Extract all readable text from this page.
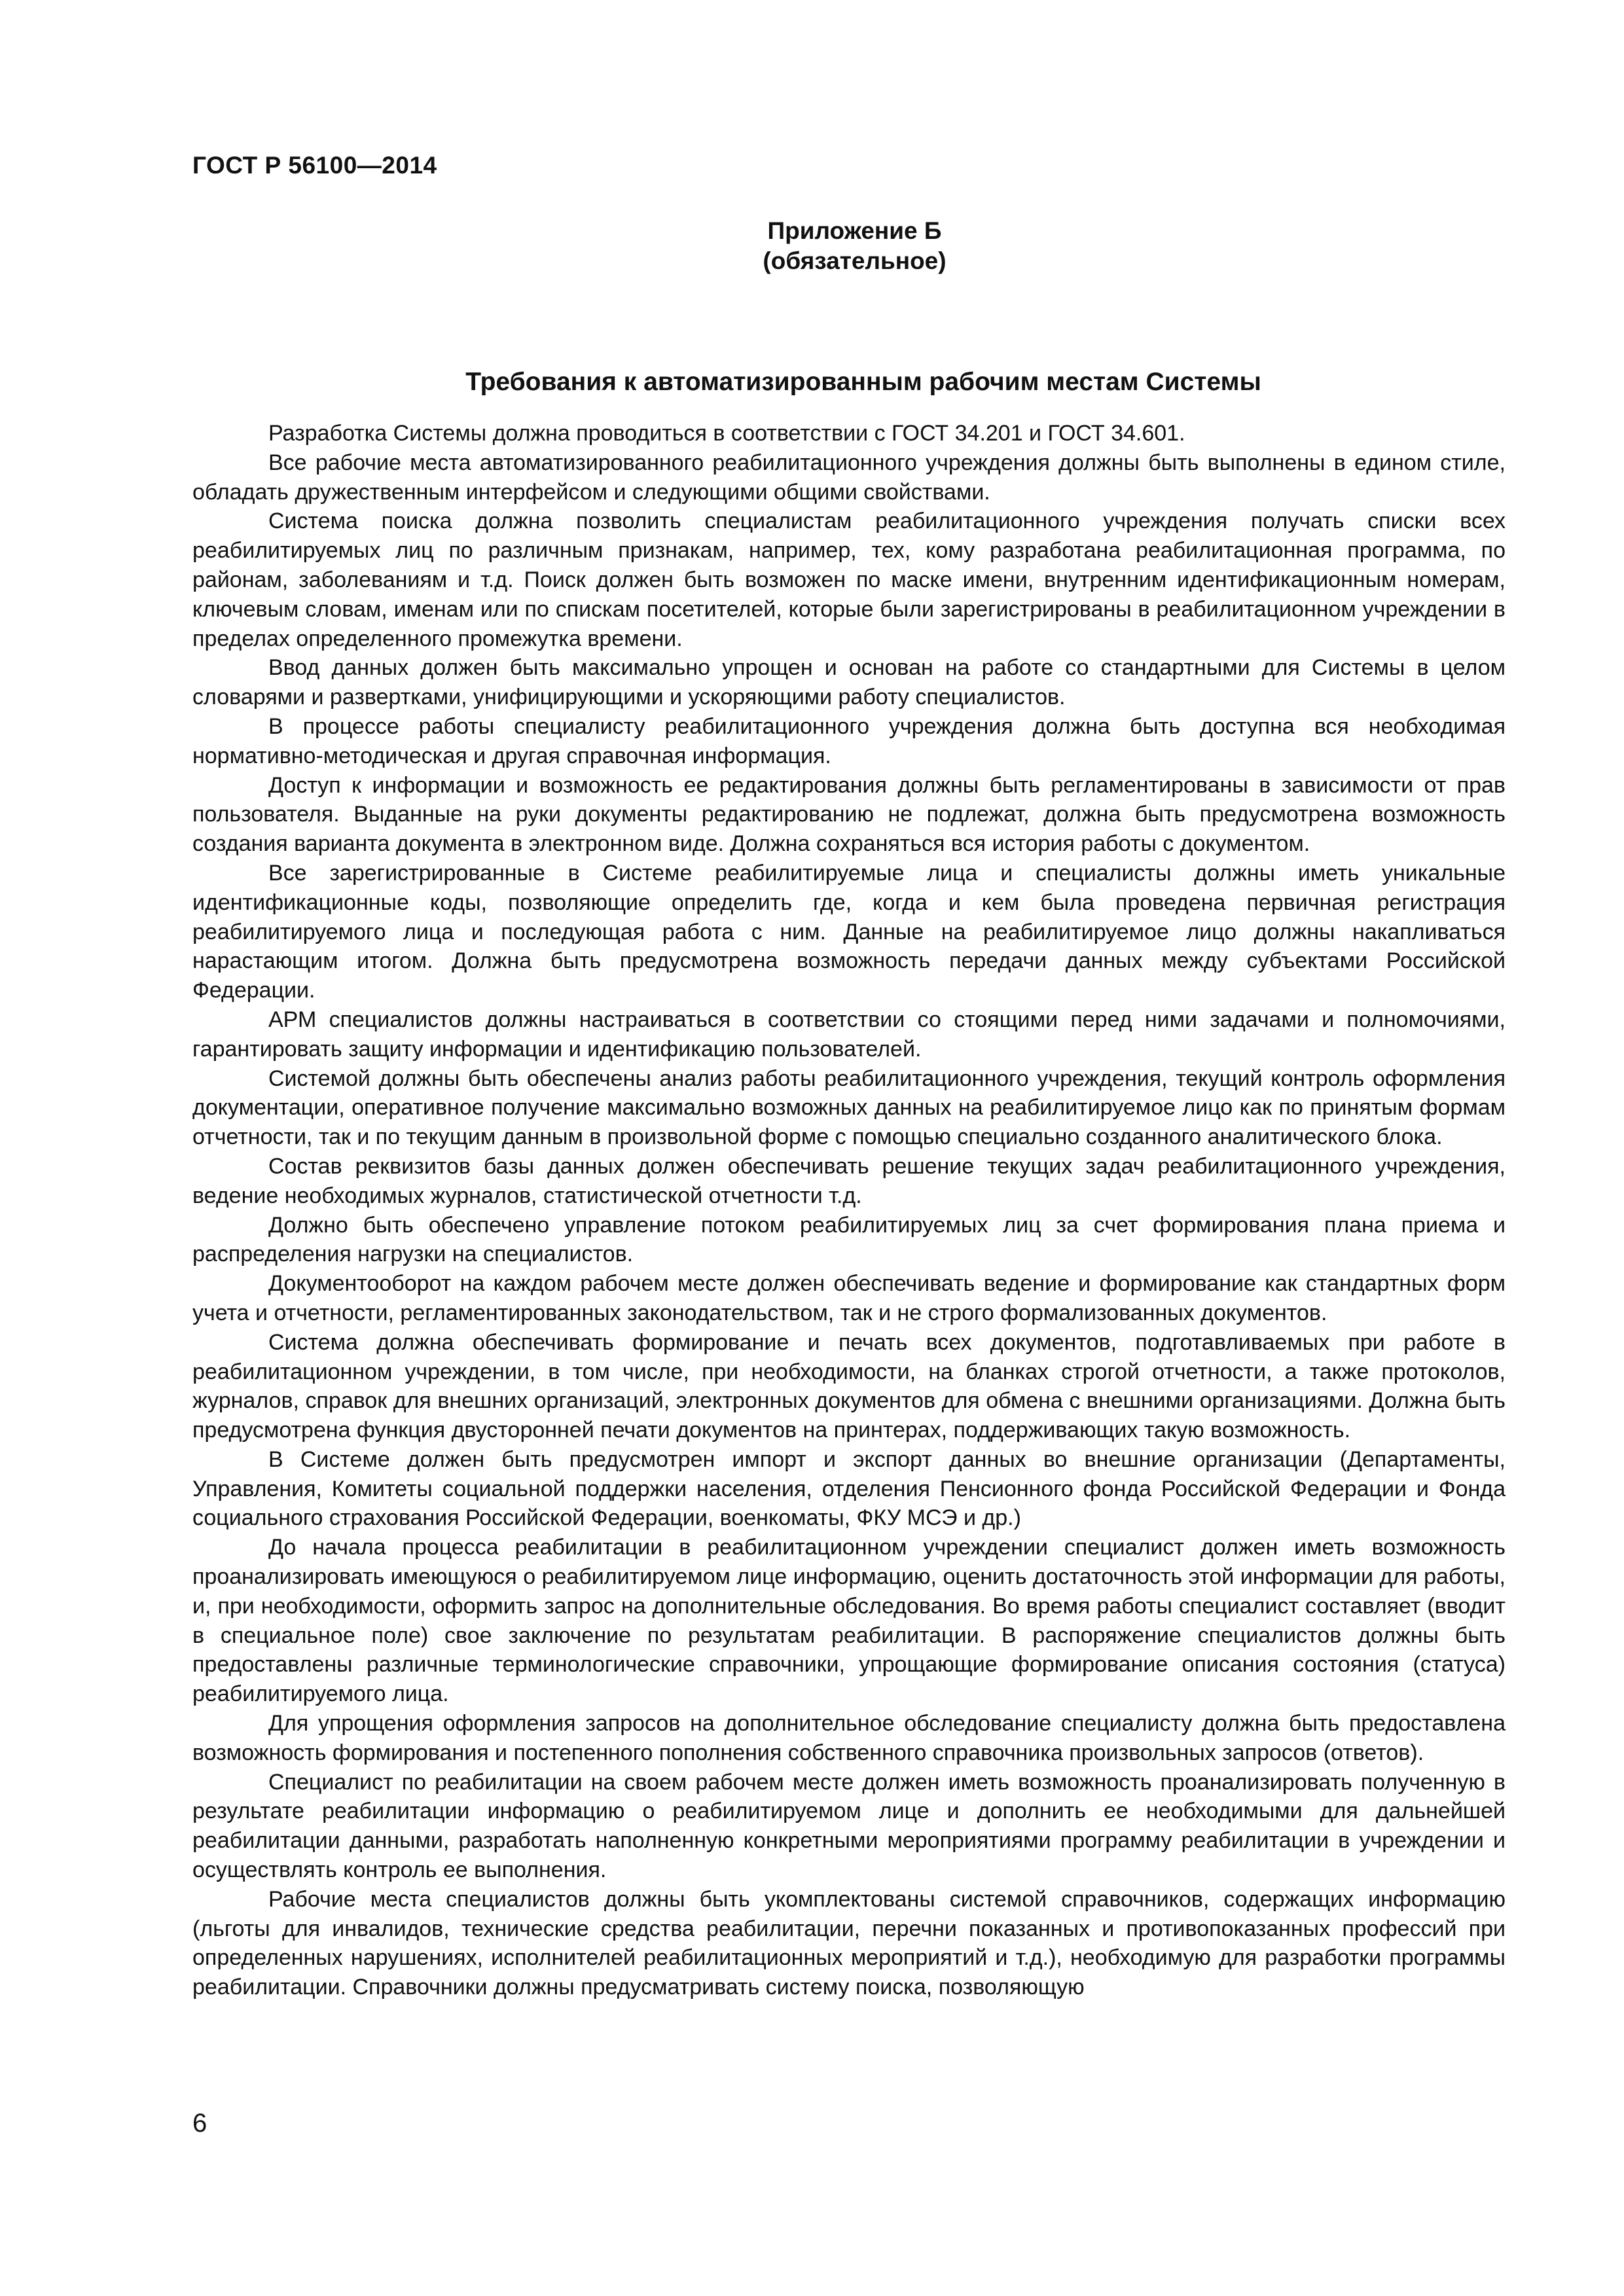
ГОСТ Р 56100—2014
Приложение Б
(обязательное)
Требования к автоматизированным рабочим местам Системы

Разработка Системы должна проводиться в соответствии с ГОСТ 34.201 и ГОСТ 34.601.

Все рабочие места автоматизированного реабилитационного учреждения должны быть выполнены в едином стиле, обладать дружественным интерфейсом и следующими общими свойствами.

Система поиска должна позволить специалистам реабилитационного учреждения получать списки всех реабилитируемых лиц по различным признакам, например, тех, кому разработана реабилитационная программа, по районам, заболеваниям и т.д. Поиск должен быть возможен по маске имени, внутренним идентификационным номерам, ключевым словам, именам или по спискам посетителей, которые были зарегистрированы в реабилитационном учреждении в пределах определенного промежутка времени.

Ввод данных должен быть максимально упрощен и основан на работе со стандартными для Системы в целом словарями и развертками, унифицирующими и ускоряющими работу специалистов.

В процессе работы специалисту реабилитационного учреждения должна быть доступна вся необходимая нормативно-методическая и другая справочная информация.

Доступ к информации и возможность ее редактирования должны быть регламентированы в зависимости от прав пользователя. Выданные на руки документы редактированию не подлежат, должна быть предусмотрена возможность создания варианта документа в электронном виде. Должна сохраняться вся история работы с документом.

Все зарегистрированные в Системе реабилитируемые лица и специалисты должны иметь уникальные идентификационные коды, позволяющие определить где, когда и кем была проведена первичная регистрация реабилитируемого лица и последующая работа с ним. Данные на реабилитируемое лицо должны накапливаться нарастающим итогом. Должна быть предусмотрена возможность передачи данных между субъектами Российской Федерации.

АРМ специалистов должны настраиваться в соответствии со стоящими перед ними задачами и полномочиями, гарантировать защиту информации и идентификацию пользователей.

Системой должны быть обеспечены анализ работы реабилитационного учреждения, текущий контроль оформления документации, оперативное получение максимально возможных данных на реабилитируемое лицо как по принятым формам отчетности, так и по текущим данным в произвольной форме с помощью специально созданного аналитического блока.

Состав реквизитов базы данных должен обеспечивать решение текущих задач реабилитационного учреждения, ведение необходимых журналов, статистической отчетности т.д.

Должно быть обеспечено управление потоком реабилитируемых лиц за счет формирования плана приема и распределения нагрузки на специалистов.

Документооборот на каждом рабочем месте должен обеспечивать ведение и формирование как стандартных форм учета и отчетности, регламентированных законодательством, так и не строго формализованных документов.

Система должна обеспечивать формирование и печать всех документов, подготавливаемых при работе в реабилитационном учреждении, в том числе, при необходимости, на бланках строгой отчетности, а также протоколов, журналов, справок для внешних организаций, электронных документов для обмена с внешними организациями. Должна быть предусмотрена функция двусторонней печати документов на принтерах, поддерживающих такую возможность.

В Системе должен быть предусмотрен импорт и экспорт данных во внешние организации (Департаменты, Управления, Комитеты социальной поддержки населения, отделения Пенсионного фонда Российской Федерации и Фонда социального страхования Российской Федерации, военкоматы, ФКУ МСЭ и др.)

До начала процесса реабилитации в реабилитационном учреждении специалист должен иметь возможность проанализировать имеющуюся о реабилитируемом лице информацию, оценить достаточность этой информации для работы, и, при необходимости, оформить запрос на дополнительные обследования. Во время работы специалист составляет (вводит в специальное поле) свое заключение по результатам реабилитации. В распоряжение специалистов должны быть предоставлены различные терминологические справочники, упрощающие формирование описания состояния (статуса) реабилитируемого лица.

Для упрощения оформления запросов на дополнительное обследование специалисту должна быть предоставлена возможность формирования и постепенного пополнения собственного справочника произвольных запросов (ответов).

Специалист по реабилитации на своем рабочем месте должен иметь возможность проанализировать полученную в результате реабилитации информацию о реабилитируемом лице и дополнить ее необходимыми для дальнейшей реабилитации данными, разработать наполненную конкретными мероприятиями программу реабилитации в учреждении и осуществлять контроль ее выполнения.

Рабочие места специалистов должны быть укомплектованы системой справочников, содержащих информацию (льготы для инвалидов, технические средства реабилитации, перечни показанных и противопоказанных профессий при определенных нарушениях, исполнителей реабилитационных мероприятий и т.д.), необходимую для разработки программы реабилитации. Справочники должны предусматривать систему поиска, позволяющую

6
